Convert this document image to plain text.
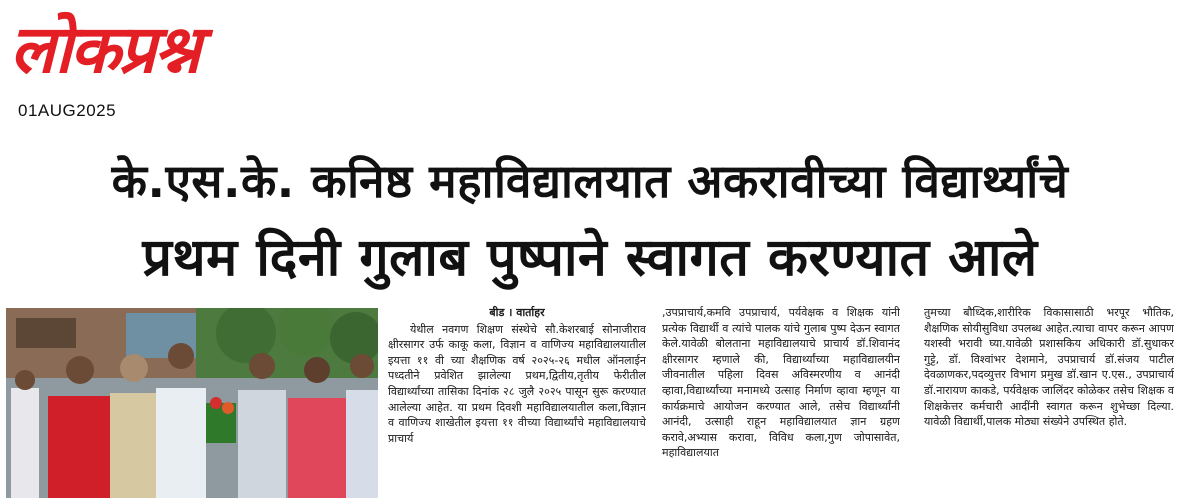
लोकप्रश्न
01AUG2025
के.एस.के. कनिष्ठ महाविद्यालयात अकरावीच्या विद्यार्थ्यांचे
प्रथम दिनी गुलाब पुष्पाने स्वागत करण्यात आले

बीड । वार्ताहर

येथील नवगण शिक्षण संस्थेचे सौ.केशरबाई सोनाजीराव क्षीरसागर उर्फ काकू कला, विज्ञान व वाणिज्य महाविद्यालयातील इयत्ता ११ वी च्या शैक्षणिक वर्ष २०२५-२६ मधील ऑनलाईन पध्दतीने प्रवेशित झालेल्या प्रथम,द्वितीय,तृतीय फेरीतील विद्यार्थ्यांच्या तासिका दिनांक २८ जुलै २०२५ पासून सुरू करण्यात आलेल्या आहेत. या प्रथम दिवशी महाविद्यालयातील कला,विज्ञान व वाणिज्य शाखेतील इयत्ता ११ वीच्या विद्यार्थ्यांचे महाविद्यालयाचे प्राचार्य

,उपप्राचार्य,कमवि उपप्राचार्य, पर्यवेक्षक व शिक्षक यांनी प्रत्येक विद्यार्थी व त्यांचे पालक यांचे गुलाब पुष्प देऊन स्वागत केले.यावेळी बोलताना महाविद्यालयाचे प्राचार्य डॉ.शिवानंद क्षीरसागर म्हणाले की, विद्यार्थ्यांच्या महाविद्यालयीन जीवनातील पहिला दिवस अविस्मरणीय व आनंदी व्हावा,विद्यार्थ्यांच्या मनामध्ये उत्साह निर्माण व्हावा म्हणून या कार्यक्रमाचे आयोजन करण्यात आले, तसेच विद्यार्थ्यांनी आनंदी, उत्साही राहून महाविद्यालयात ज्ञान ग्रहण करावे,अभ्यास करावा, विविध कला,गुण जोपासावेत, महाविद्यालयात

तुमच्या बौध्दिक,शारीरिक विकासासाठी भरपूर भौतिक, शैक्षणिक सोयीसुविधा उपलब्ध आहेत.त्याचा वापर करून आपण यशस्वी भरावी घ्या.यावेळी प्रशासकिय अधिकारी डॉ.सुधाकर गुट्टे, डॉ. विश्वांभर देशमाने, उपप्राचार्य डॉ.संजय पाटील देवळाणकर,पदव्युत्तर विभाग प्रमुख डॉ.खान ए.एस., उपप्राचार्य डॉ.नारायण काकडे, पर्यवेक्षक जालिंदर कोळेकर तसेच शिक्षक व शिक्षकेत्तर कर्मचारी आदींनी स्वागत करून शुभेच्छा दिल्या. यावेळी विद्यार्थी,पालक मोठ्या संख्येने उपस्थित होते.
